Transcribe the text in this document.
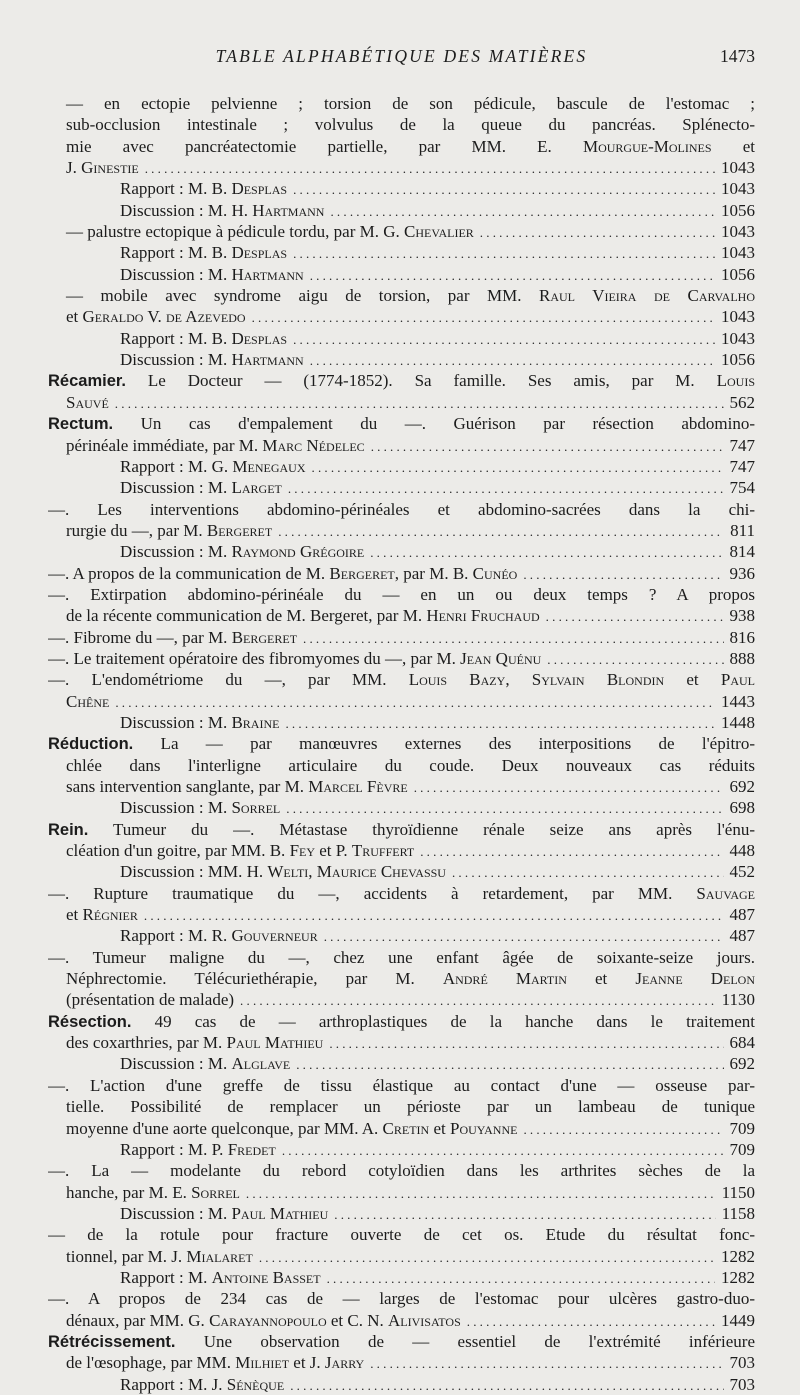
TABLE ALPHABÉTIQUE DES MATIÈRES	1473
— en ectopie pelvienne ; torsion de son pédicule, bascule de l'estomac ;
sub-occlusion intestinale ; volvulus de la queue du pancréas. Splénecto-
mie avec pancréatectomie partielle, par MM. E. Mourgue-Molines et
J. Ginestie .....	1043
Rapport : M. B. Desplas .....	1043
Discussion : M. H. Hartmann .....	1056
— palustre ectopique à pédicule tordu, par M. G. Chevalier .....	1043
Rapport : M. B. Desplas .....	1043
Discussion : M. Hartmann .....	1056
— mobile avec syndrome aigu de torsion, par MM. Raul Vieira de Carvalho
et Geraldo V. de Azevedo .....	1043
Rapport : M. B. Desplas .....	1043
Discussion : M. Hartmann .....	1056
Récamier. Le Docteur — (1774-1852). Sa famille. Ses amis, par M. Louis
Sauvé .....	562
Rectum. Un cas d'empalement du —. Guérison par résection abdomino-
périnéale immédiate, par M. Marc Nédelec .....	747
Rapport : M. G. Menegaux .....	747
Discussion : M. Larget .....	754
—. Les interventions abdomino-périnéales et abdomino-sacrées dans la chi-
rurgie du —, par M. Bergeret .....	811
Discussion : M. Raymond Grégoire .....	814
—. A propos de la communication de M. Bergeret, par M. B. Cunéo .....	936
—. Extirpation abdomino-périnéale du — en un ou deux temps ? A propos
de la récente communication de M. Bergeret, par M. Henri Fruchaud .....	938
—. Fibrome du —, par M. Bergeret .....	816
—. Le traitement opératoire des fibromyomes du —, par M. Jean Quénu .....	888
—. L'endométriome du —, par MM. Louis Bazy, Sylvain Blondin et Paul
Chêne .....	1443
Discussion : M. Braine .....	1448
Réduction. La — par manœuvres externes des interpositions de l'épitro-
chlée dans l'interligne articulaire du coude. Deux nouveaux cas réduits
sans intervention sanglante, par M. Marcel Fèvre .....	692
Discussion : M. Sorrel .....	698
Rein. Tumeur du —. Métastase thyroïdienne rénale seize ans après l'énu-
cléation d'un goitre, par MM. B. Fey et P. Truffert .....	448
Discussion : MM. H. Welti, Maurice Chevassu .....	452
—. Rupture traumatique du —, accidents à retardement, par MM. Sauvage
et Régnier .....	487
Rapport : M. R. Gouverneur .....	487
—. Tumeur maligne du —, chez une enfant âgée de soixante-seize jours.
Néphrectomie. Télécuriethérapie, par M. André Martin et Jeanne Delon
(présentation de malade) .....	1130
Résection. 49 cas de — arthroplastiques de la hanche dans le traitement
des coxarthries, par M. Paul Mathieu .....	684
Discussion : M. Alglave .....	692
—. L'action d'une greffe de tissu élastique au contact d'une — osseuse par-
tielle. Possibilité de remplacer un périoste par un lambeau de tunique
moyenne d'une aorte quelconque, par MM. A. Cretin et Pouyanne .....	709
Rapport : M. P. Fredet .....	709
—. La — modelante du rebord cotyloïdien dans les arthrites sèches de la
hanche, par M. E. Sorrel .....	1150
Discussion : M. Paul Mathieu .....	1158
— de la rotule pour fracture ouverte de cet os. Etude du résultat fonc-
tionnel, par M. J. Mialaret .....	1282
Rapport : M. Antoine Basset .....	1282
—. A propos de 234 cas de — larges de l'estomac pour ulcères gastro-duo-
dénaux, par MM. G. Carayannopoulo et C. N. Alivisatos .....	1449
Rétrécissement. Une observation de — essentiel de l'extrémité inférieure
de l'œsophage, par MM. Milhiet et J. Jarry .....	703
Rapport : M. J. Sénèque .....	703
